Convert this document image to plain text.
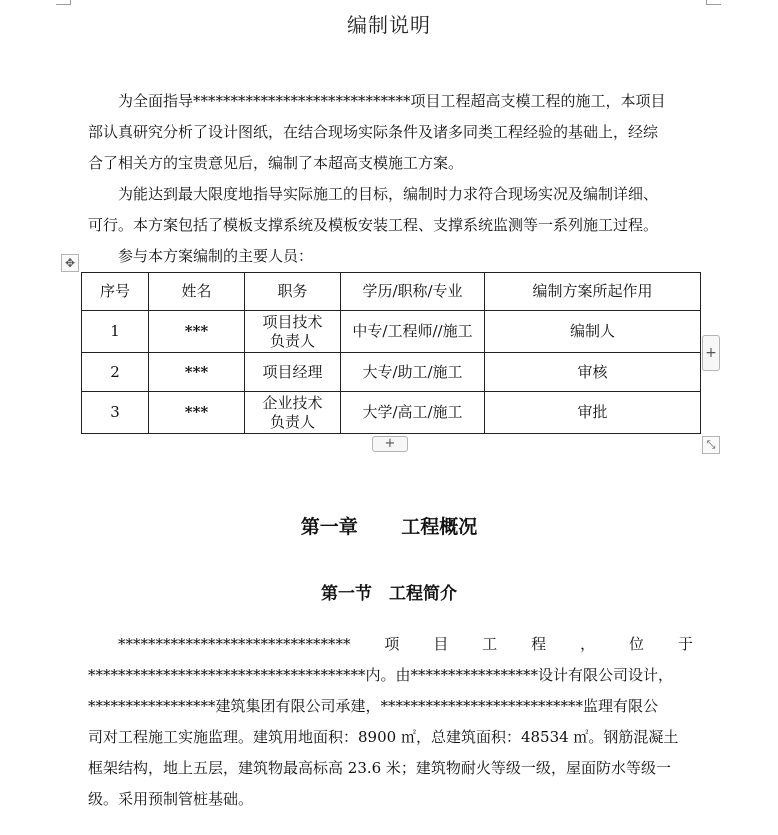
编制说明
为全面指导*****************************项目工程超高支模工程的施工，本项目
部认真研究分析了设计图纸，在结合现场实际条件及诸多同类工程经验的基础上，经综
合了相关方的宝贵意见后，编制了本超高支模施工方案。
为能达到最大限度地指导实际施工的目标，编制时力求符合现场实况及编制详细、
可行。本方案包括了模板支撑系统及模板安装工程、支撑系统监测等一系列施工过程。
参与本方案编制的主要人员：
✥
序号	姓名	职务	学历/职称/专业	编制方案所起作用
1	***	项目技术
负责人	中专/工程师//施工	编制人
2	***	项目经理	大专/助工/施工	审核
3	***	企业技术
负责人	大学/高工/施工	审批
+
+	⤡
第一章　 工程概况
第一节　工程简介
******************************* 项 目 工 程 ， 位 于
*************************************内。由*****************设计有限公司设计，
*****************建筑集团有限公司承建，***************************监理有限公
司对工程施工实施监理。建筑用地面积：8900 ㎡，总建筑面积：48534 ㎡。钢筋混凝土
框架结构，地上五层，建筑物最高标高 23.6 米；建筑物耐火等级一级，屋面防水等级一
级。采用预制管桩基础。
